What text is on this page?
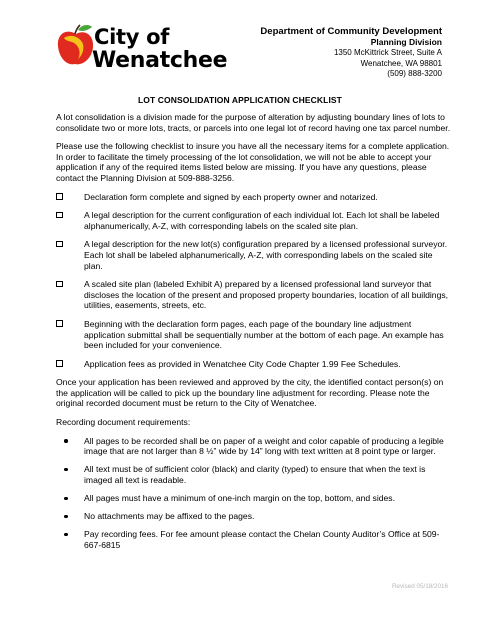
City of
Wenatchee
Department of Community Development
Planning Division
1350 McKittrick Street, Suite A
Wenatchee, WA 98801
(509) 888-3200
LOT CONSOLIDATION APPLICATION CHECKLIST

A lot consolidation is a division made for the purpose of alteration by adjusting boundary lines of lots to consolidate two or more lots, tracts, or parcels into one legal lot of record having one tax parcel number.

Please use the following checklist to insure you have all the necessary items for a complete application. In order to facilitate the timely processing of the lot consolidation, we will not be able to accept your application if any of the required items listed below are missing. If you have any questions, please contact the Planning Division at 509-888-3256.

Declaration form complete and signed by each property owner and notarized.
A legal description for the current configuration of each individual lot. Each lot shall be labeled alphanumerically, A-Z, with corresponding labels on the scaled site plan.
A legal description for the new lot(s) configuration prepared by a licensed professional surveyor. Each lot shall be labeled alphanumerically, A-Z, with corresponding labels on the scaled site plan.
A scaled site plan (labeled Exhibit A) prepared by a licensed professional land surveyor that discloses the location of the present and proposed property boundaries, location of all buildings, utilities, easements, streets, etc.
Beginning with the declaration form pages, each page of the boundary line adjustment application submittal shall be sequentially number at the bottom of each page. An example has been included for your convenience.
Application fees as provided in Wenatchee City Code Chapter 1.99 Fee Schedules.

Once your application has been reviewed and approved by the city, the identified contact person(s) on the application will be called to pick up the boundary line adjustment for recording. Please note the original recorded document must be return to the City of Wenatchee.

Recording document requirements:

All pages to be recorded shall be on paper of a weight and color capable of producing a legible image that are not larger than 8 ½” wide by 14” long with text written at 8 point type or larger.
All text must be of sufficient color (black) and clarity (typed) to ensure that when the text is imaged all text is readable.
All pages must have a minimum of one-inch margin on the top, bottom, and sides.
No attachments may be affixed to the pages.
Pay recording fees. For fee amount please contact the Chelan County Auditor’s Office at 509-667-6815
Revised 05/18/2016
